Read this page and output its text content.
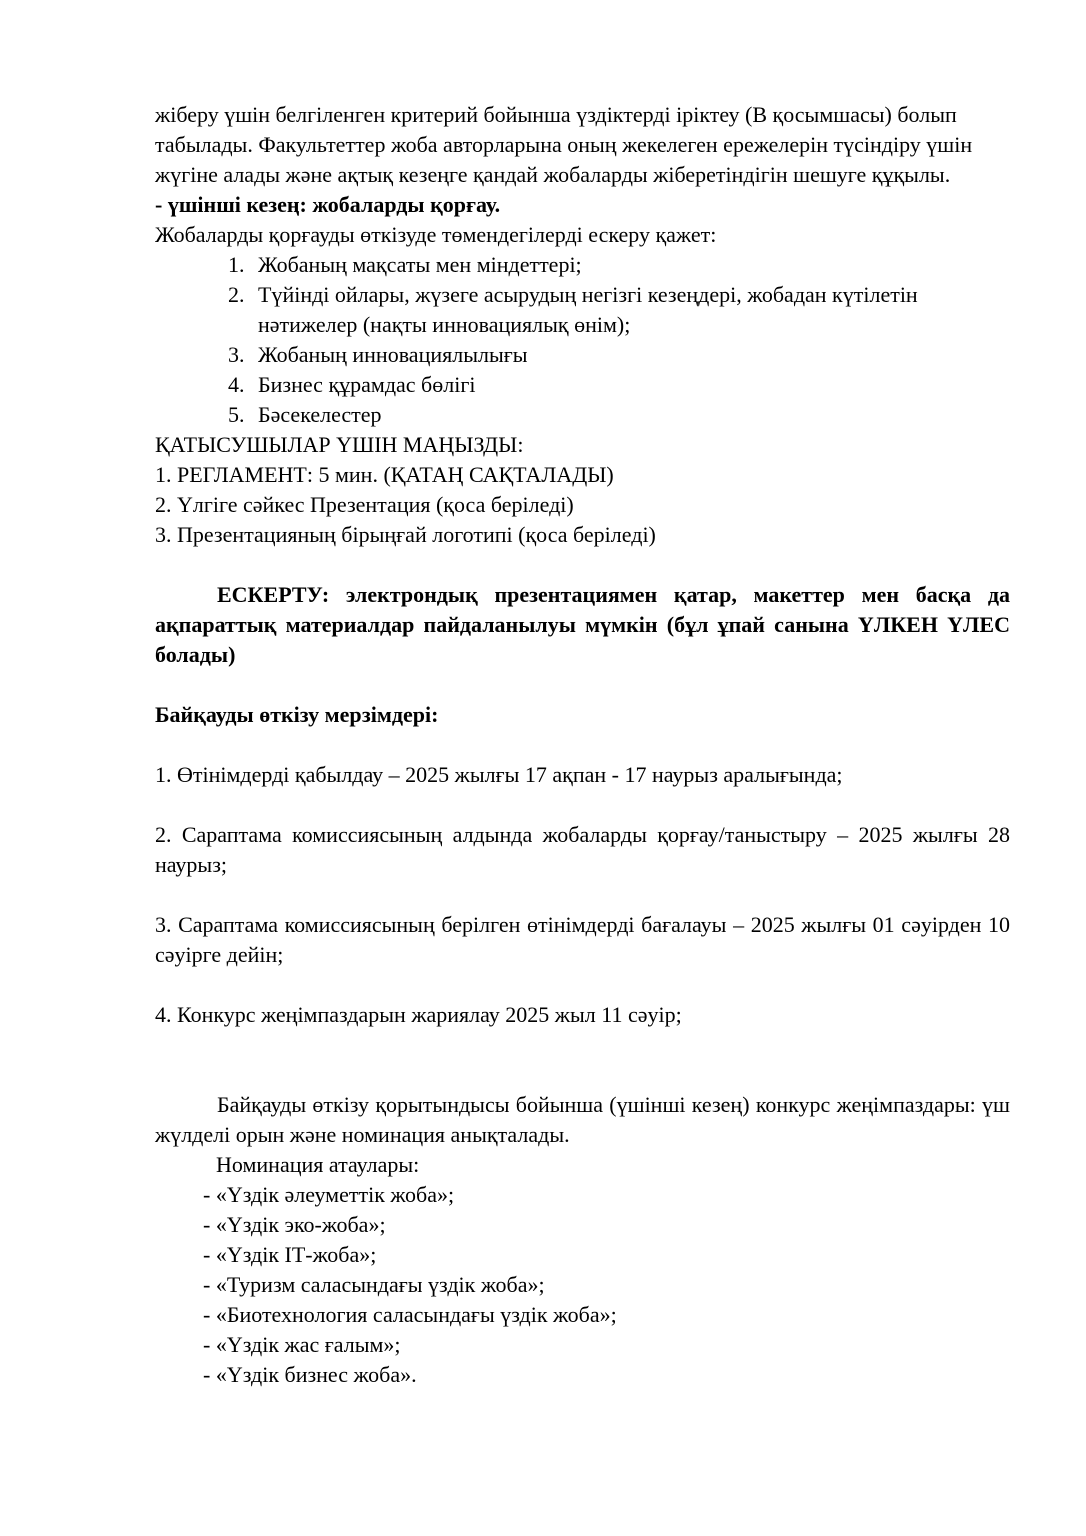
жіберу үшін белгіленген критерий бойынша үздіктерді іріктеу (В қосымшасы) болып табылады. Факультеттер жоба авторларына оның жекелеген ережелерін түсіндіру үшін жүгіне алады және ақтық кезеңге қандай жобаларды жіберетіндігін шешуге құқылы.

- үшінші кезең: жобаларды қорғау.

Жобаларды қорғауды өткізуде төмендегілерді ескеру қажет:

1. Жобаның мақсаты мен міндеттері;
2. Түйінді ойлары, жүзеге асырудың негізгі кезеңдері, жобадан күтілетін нәтижелер (нақты инновациялық өнім);
3. Жобаның инновациялылығы
4. Бизнес құрамдас бөлігі
5. Бәсекелестер

ҚАТЫСУШЫЛАР ҮШІН МАҢЫЗДЫ:

1. РЕГЛАМЕНТ: 5 мин. (ҚАТАҢ САҚТАЛАДЫ)

2. Үлгіге сәйкес Презентация (қоса беріледі)

3. Презентацияның бірыңғай логотипі (қоса беріледі)

ЕСКЕРТУ: электрондық презентациямен қатар, макеттер мен басқа да ақпараттық материалдар пайдаланылуы мүмкін (бұл ұпай санына ҮЛКЕН ҮЛЕС болады)

Байқауды өткізу мерзімдері:

1. Өтінімдерді қабылдау – 2025 жылғы 17 ақпан - 17 наурыз аралығында;

2. Сараптама комиссиясының алдында жобаларды қорғау/таныстыру – 2025 жылғы 28 наурыз;

3. Сараптама комиссиясының берілген өтінімдерді бағалауы – 2025 жылғы 01 сәуірден 10 сәуірге дейін;

4. Конкурс жеңімпаздарын жариялау 2025 жыл 11 сәуір;

Байқауды өткізу қорытындысы бойынша (үшінші кезең) конкурс жеңімпаздары: үш жүлделі орын және номинация анықталады.

Номинация атаулары:

- «Үздік әлеуметтік жоба»;

- «Үздік эко-жоба»;

- «Үздік ІТ-жоба»;

- «Туризм саласындағы үздік жоба»;

- «Биотехнология саласындағы үздік жоба»;

- «Үздік жас ғалым»;

- «Үздік бизнес жоба».
